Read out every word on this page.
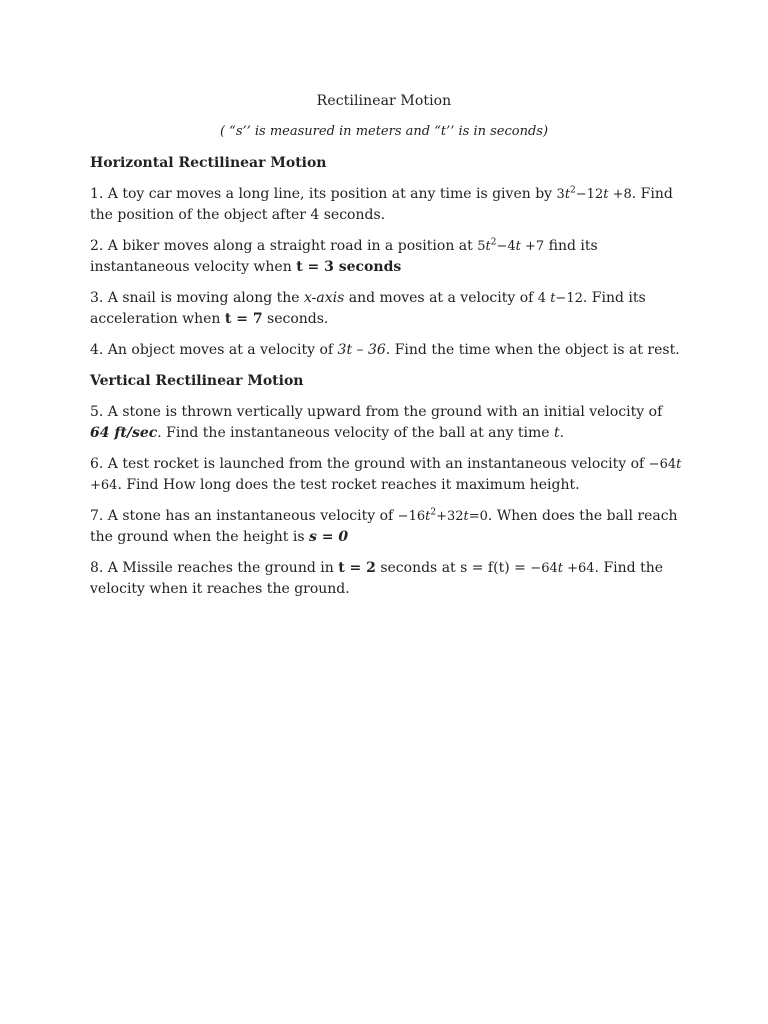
Rectilinear Motion
( “s’’ is measured in meters and “t’’ is in seconds)
Horizontal Rectilinear Motion
1. A toy car moves a long line, its position at any time is given by $3t^2-12t +8$. Find the position of the object after 4 seconds.
2. A biker moves along a straight road in a position at $5t^2-4t +7$ find its instantaneous velocity when t = 3 seconds
3. A snail is moving along the x-axis and moves at a velocity of 4 t−12. Find its acceleration when t = 7 seconds.
4. An object moves at a velocity of 3t – 36. Find the time when the object is at rest.
Vertical Rectilinear Motion
5. A stone is thrown vertically upward from the ground with an initial velocity of 64 ft/sec. Find the instantaneous velocity of the ball at any time t.
6. A test rocket is launched from the ground with an instantaneous velocity of −64t +64. Find How long does the test rocket reaches it maximum height.
7. A stone has an instantaneous velocity of $-16t^2+32t=0$. When does the ball reach the ground when the height is s = 0
8. A Missile reaches the ground in t = 2 seconds at s = f(t) = −64t +64. Find the velocity when it reaches the ground.
